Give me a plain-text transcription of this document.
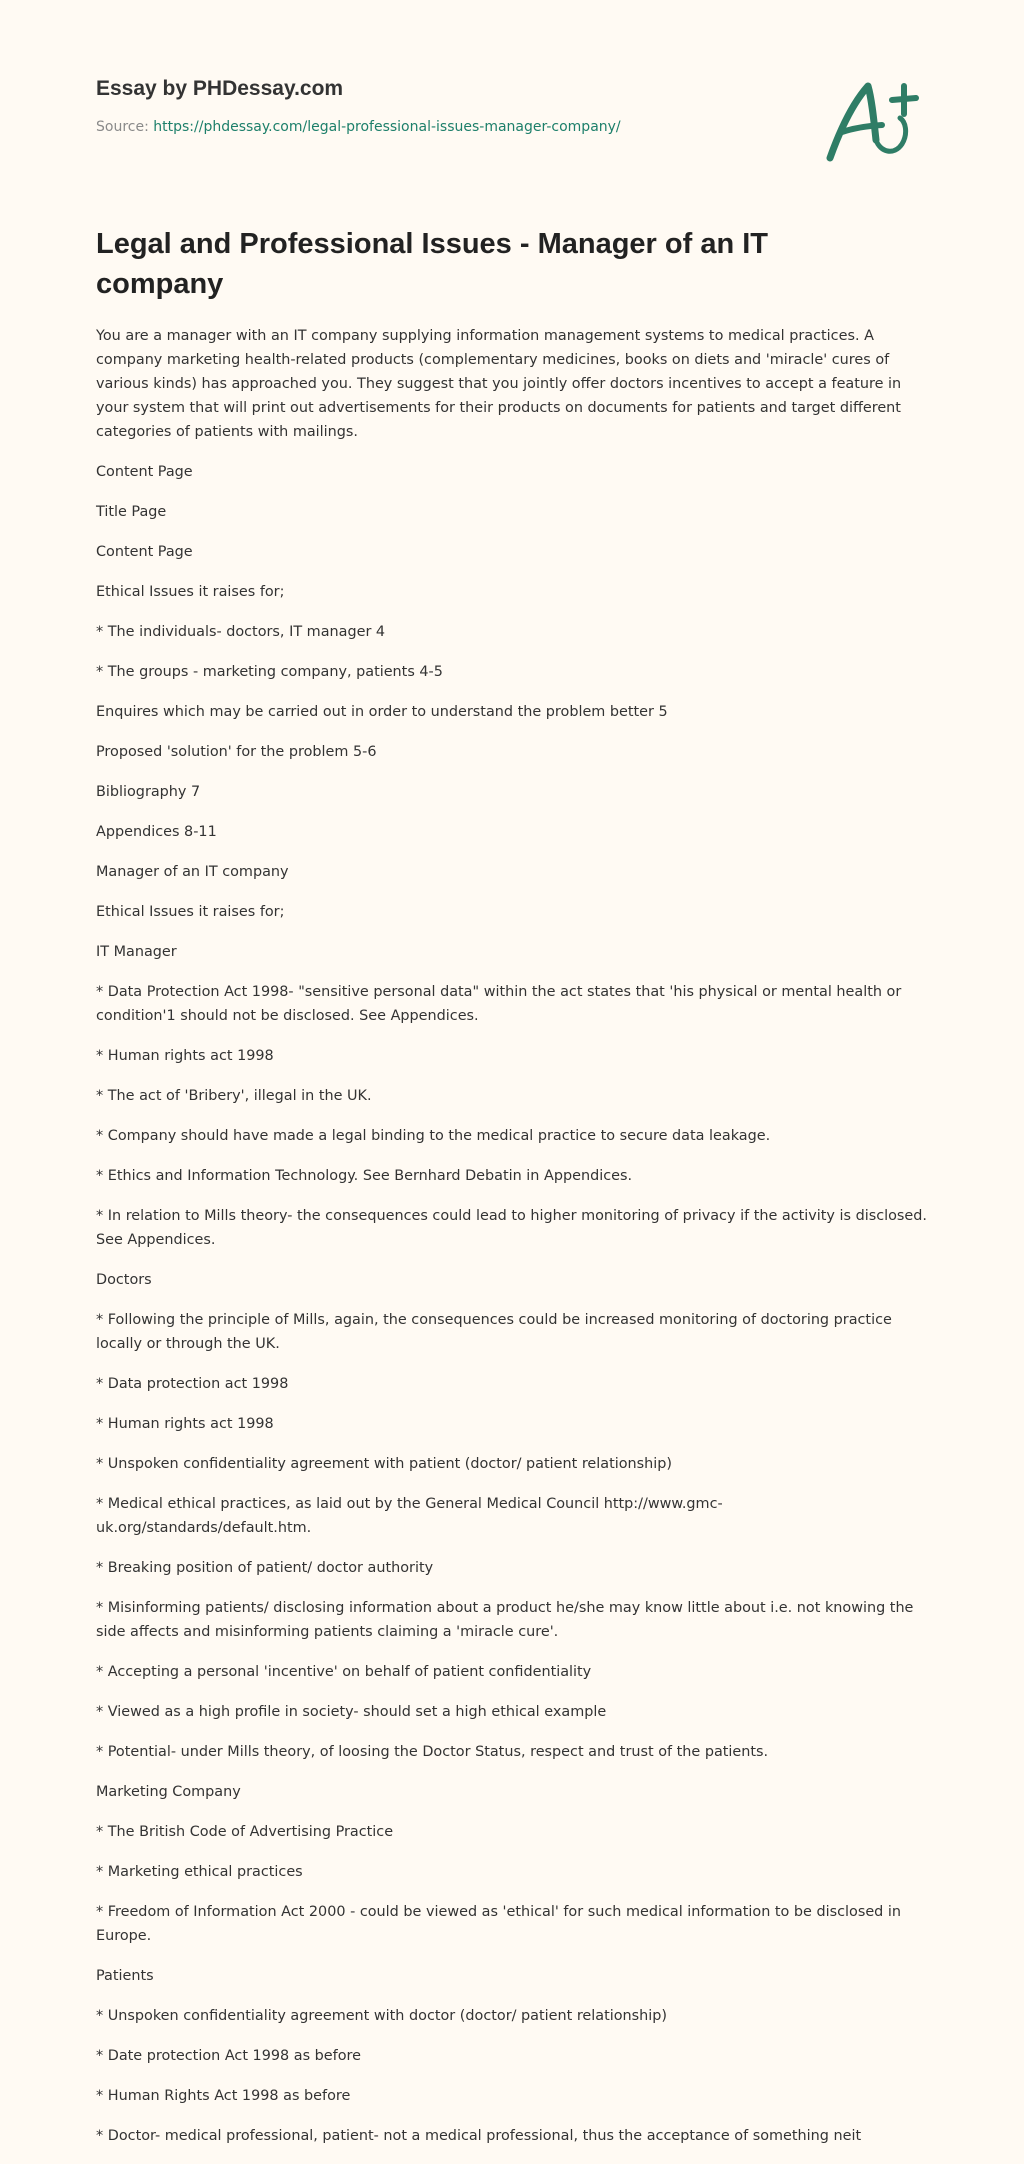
Essay by PHDessay.com
Source: https://phdessay.com/legal-professional-issues-manager-company/
Legal and Professional Issues - Manager of an IT company

You are a manager with an IT company supplying information management systems to medical practices. A company marketing health-related products (complementary medicines, books on diets and 'miracle' cures of various kinds) has approached you. They suggest that you jointly offer doctors incentives to accept a feature in your system that will print out advertisements for their products on documents for patients and target different categories of patients with mailings.

Content Page

Title Page

Content Page

Ethical Issues it raises for;

* The individuals- doctors, IT manager 4

* The groups - marketing company, patients 4-5

Enquires which may be carried out in order to understand the problem better 5

Proposed 'solution' for the problem 5-6

Bibliography 7

Appendices 8-11

Manager of an IT company

Ethical Issues it raises for;

IT Manager

* Data Protection Act 1998- "sensitive personal data" within the act states that 'his physical or mental health or condition'1 should not be disclosed. See Appendices.

* Human rights act 1998

* The act of 'Bribery', illegal in the UK.

* Company should have made a legal binding to the medical practice to secure data leakage.

* Ethics and Information Technology. See Bernhard Debatin in Appendices.

* In relation to Mills theory- the consequences could lead to higher monitoring of privacy if the activity is disclosed. See Appendices.

Doctors

* Following the principle of Mills, again, the consequences could be increased monitoring of doctoring practice locally or through the UK.

* Data protection act 1998

* Human rights act 1998

* Unspoken confidentiality agreement with patient (doctor/ patient relationship)

* Medical ethical practices, as laid out by the General Medical Council http://www.gmc-uk.org/standards/default.htm.

* Breaking position of patient/ doctor authority

* Misinforming patients/ disclosing information about a product he/she may know little about i.e. not knowing the side affects and misinforming patients claiming a 'miracle cure'.

* Accepting a personal 'incentive' on behalf of patient confidentiality

* Viewed as a high profile in society- should set a high ethical example

* Potential- under Mills theory, of loosing the Doctor Status, respect and trust of the patients.

Marketing Company

* The British Code of Advertising Practice

* Marketing ethical practices

* Freedom of Information Act 2000 - could be viewed as 'ethical' for such medical information to be disclosed in Europe.

Patients

* Unspoken confidentiality agreement with doctor (doctor/ patient relationship)

* Date protection Act 1998 as before

* Human Rights Act 1998 as before

* Doctor- medical professional, patient- not a medical professional, thus the acceptance of something neit
